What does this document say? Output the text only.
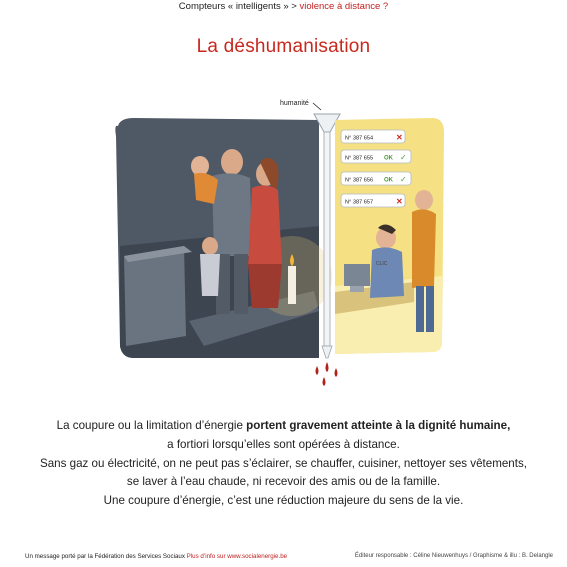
Compteurs « intelligents » > violence à distance ?
La déshumanisation
humanité
CLIC
N° 387 654	✕
N° 387 655 OK ✓
N° 387 656 OK ✓
N° 387 657	✕
La coupure ou la limitation d’énergie portent gravement atteinte à la dignité humaine,
a fortiori lorsqu’elles sont opérées à distance.
Sans gaz ou électricité, on ne peut pas s’éclairer, se chauffer, cuisiner, nettoyer ses vêtements,
se laver à l’eau chaude, ni recevoir des amis ou de la famille.
Une coupure d’énergie, c’est une réduction majeure du sens de la vie.
Un message porté par la Fédération des Services Sociaux Plus d’info sur www.socialenergie.be	Éditeur responsable : Céline Nieuwenhuys / Graphisme & illu : B. Delangle
